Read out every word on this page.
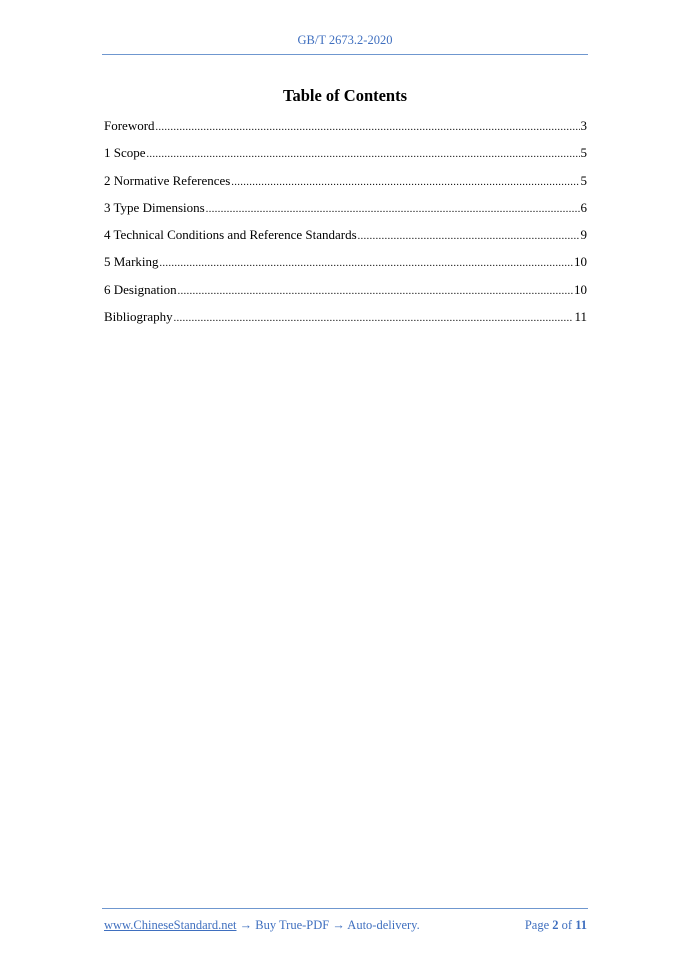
GB/T 2673.2-2020
Table of Contents
Foreword .....	3
1 Scope .....	5
2 Normative References .....	5
3 Type Dimensions .....	6
4 Technical Conditions and Reference Standards .....	9
5 Marking .....	10
6 Designation .....	10
Bibliography .....	11
www.ChineseStandard.net → Buy True-PDF → Auto-delivery.	Page 2 of 11
